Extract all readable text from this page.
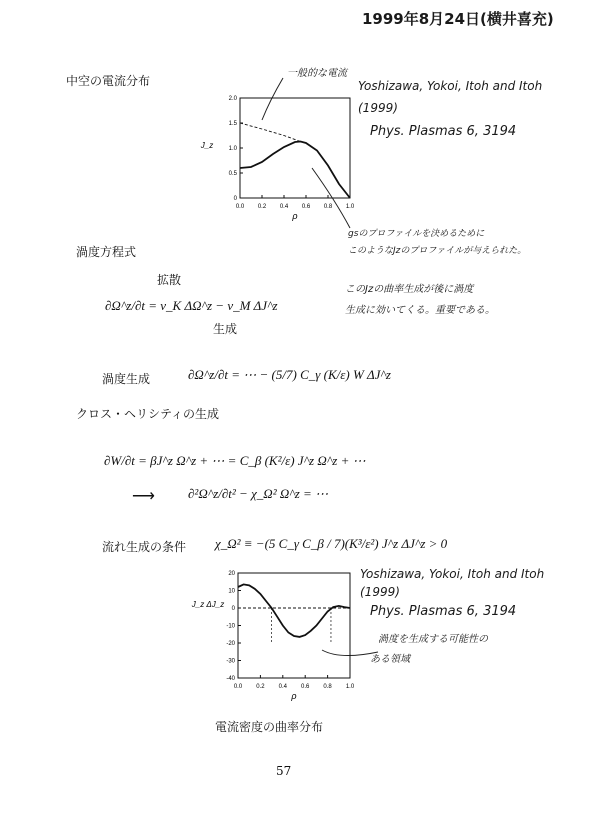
1999年8月24日(横井喜充)
中空の電流分布
一般的な電流
Yoshizawa, Yokoi, Itoh and Itoh
(1999)
Phys. Plasmas 6, 3194
0.0 0.2 0.4 0.6 0.8 1.0
0
0.5
1.0
1.5
2.0
ρ
J_z
gsのプロファイルを決めるために
このようなJzのプロファイルが与えられた。
このJzの曲率生成が後に渦度
生成に効いてくる。重要である。
渦度方程式
拡散
∂Ω^z/∂t = ν_K ΔΩ^z − ν_M ΔJ^z
生成
渦度生成	∂Ω^z/∂t = ⋯ − (5/7) C_γ (K/ε) W ΔJ^z
クロス・ヘリシティの生成
∂W/∂t = βJ^z Ω^z + ⋯ = C_β (K²/ε) J^z Ω^z + ⋯
⟶	∂²Ω^z/∂t² − χ_Ω² Ω^z = ⋯
流れ生成の条件 χ_Ω² ≡ −(5 C_γ C_β / 7)(K³/ε²) J^z ΔJ^z > 0
0.0 0.2 0.4 0.6 0.8 1.0
20
10
0
-10
-20
-30
-40
ρ
J_z ΔJ_z
Yoshizawa, Yokoi, Itoh and Itoh
(1999)
Phys. Plasmas 6, 3194
渦度を生成する可能性の
ある領域
電流密度の曲率分布
57
